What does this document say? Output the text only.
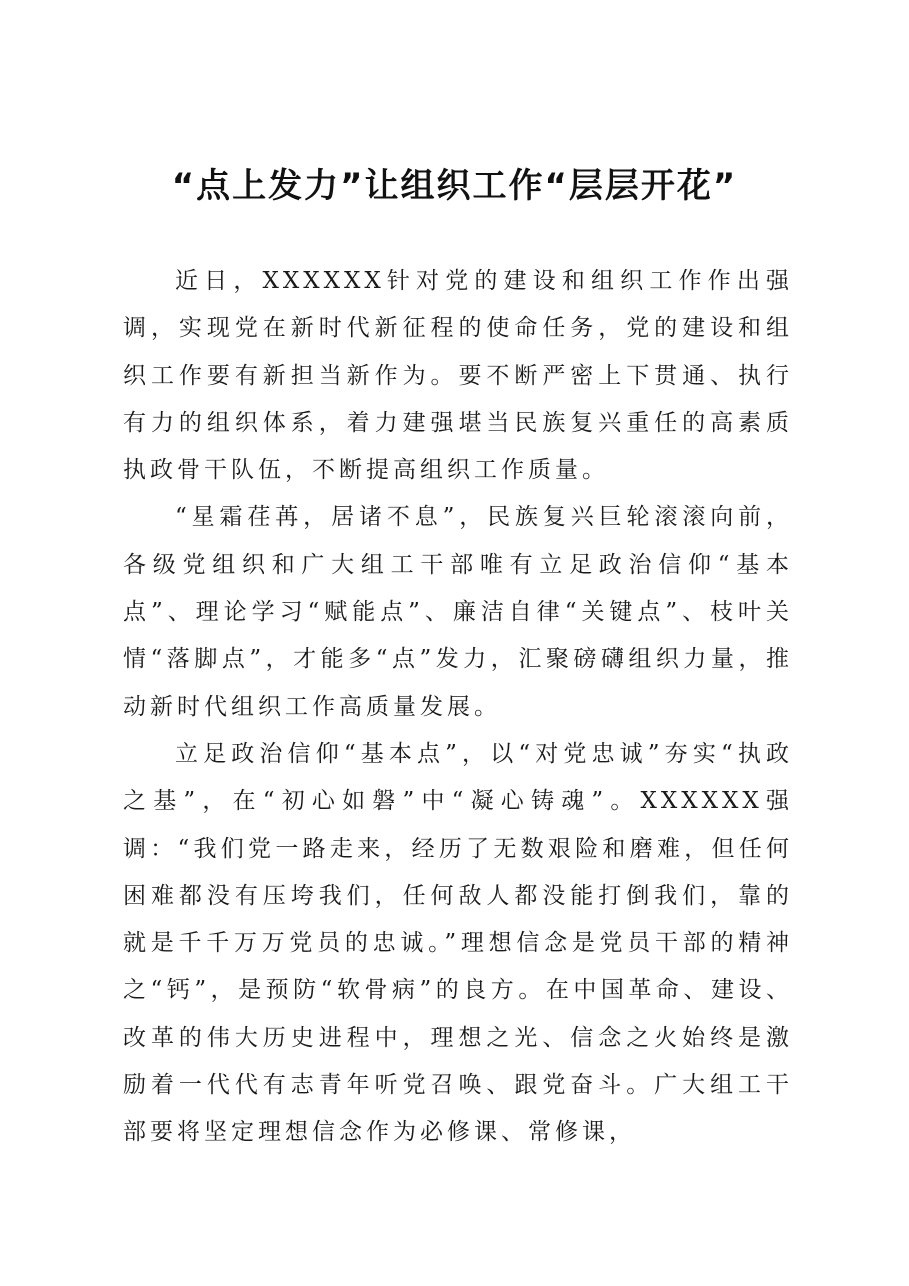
“点上发力”让组织工作“层层开花”

近日，XXXXXX针对党的建设和组织工作作出强调，实现党在新时代新征程的使命任务，党的建设和组织工作要有新担当新作为。要不断严密上下贯通、执行有力的组织体系，着力建强堪当民族复兴重任的高素质执政骨干队伍，不断提高组织工作质量。

“星霜荏苒，居诸不息”，民族复兴巨轮滚滚向前，各级党组织和广大组工干部唯有立足政治信仰“基本点”、理论学习“赋能点”、廉洁自律“关键点”、枝叶关情“落脚点”，才能多“点”发力，汇聚磅礴组织力量，推动新时代组织工作高质量发展。

立足政治信仰“基本点”，以“对党忠诚”夯实“执政之基”，在“初心如磐”中“凝心铸魂”。XXXXXX强调：“我们党一路走来，经历了无数艰险和磨难，但任何困难都没有压垮我们，任何敌人都没能打倒我们，靠的就是千千万万党员的忠诚。”理想信念是党员干部的精神之“钙”，是预防“软骨病”的良方。在中国革命、建设、改革的伟大历史进程中，理想之光、信念之火始终是激励着一代代有志青年听党召唤、跟党奋斗。广大组工干部要将坚定理想信念作为必修课、常修课，
